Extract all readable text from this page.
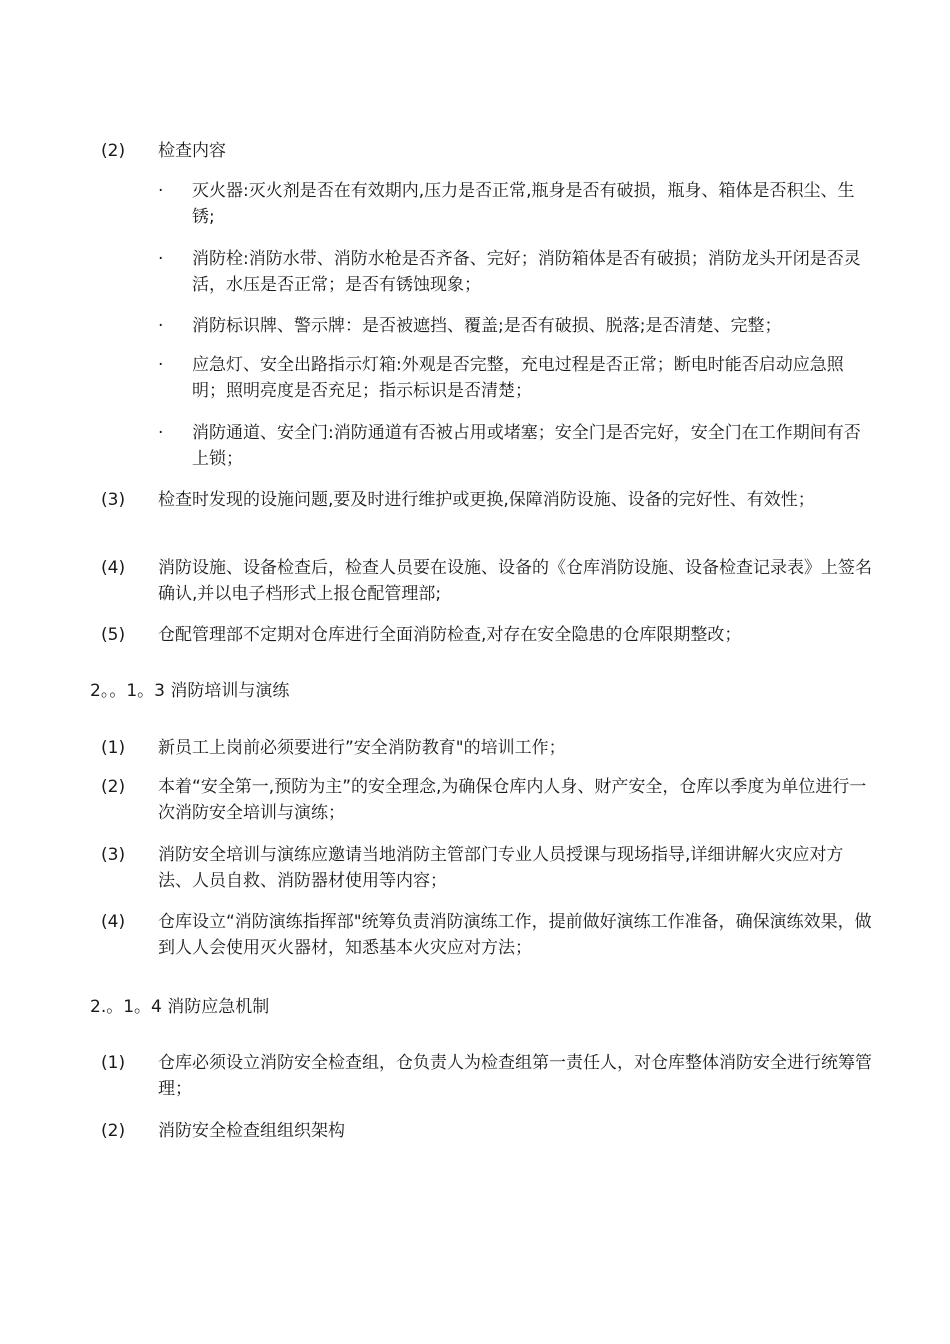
(2) 检查内容
· 灭火器:灭火剂是否在有效期内,压力是否正常,瓶身是否有破损，瓶身、箱体是否积尘、生锈;
· 消防栓:消防水带、消防水枪是否齐备、完好；消防箱体是否有破损；消防龙头开闭是否灵活，水压是否正常；是否有锈蚀现象；
· 消防标识牌、警示牌：是否被遮挡、覆盖;是否有破损、脱落;是否清楚、完整；
· 应急灯、安全出路指示灯箱:外观是否完整，充电过程是否正常；断电时能否启动应急照明；照明亮度是否充足；指示标识是否清楚；
· 消防通道、安全门:消防通道有否被占用或堵塞；安全门是否完好，安全门在工作期间有否上锁；
(3) 检查时发现的设施问题,要及时进行维护或更换,保障消防设施、设备的完好性、有效性；
(4) 消防设施、设备检查后，检查人员要在设施、设备的《仓库消防设施、设备检查记录表》上签名确认,并以电子档形式上报仓配管理部;
(5) 仓配管理部不定期对仓库进行全面消防检查,对存在安全隐患的仓库限期整改；
2。。1。3 消防培训与演练
(1) 新员工上岗前必须要进行”安全消防教育"的培训工作；
(2) 本着“安全第一,预防为主”的安全理念,为确保仓库内人身、财产安全，仓库以季度为单位进行一次消防安全培训与演练；
(3) 消防安全培训与演练应邀请当地消防主管部门专业人员授课与现场指导,详细讲解火灾应对方法、人员自救、消防器材使用等内容；
(4) 仓库设立“消防演练指挥部"统筹负责消防演练工作，提前做好演练工作准备，确保演练效果，做到人人会使用灭火器材，知悉基本火灾应对方法；
2.。1。4 消防应急机制
(1) 仓库必须设立消防安全检查组，仓负责人为检查组第一责任人，对仓库整体消防安全进行统筹管理；
(2) 消防安全检查组组织架构
